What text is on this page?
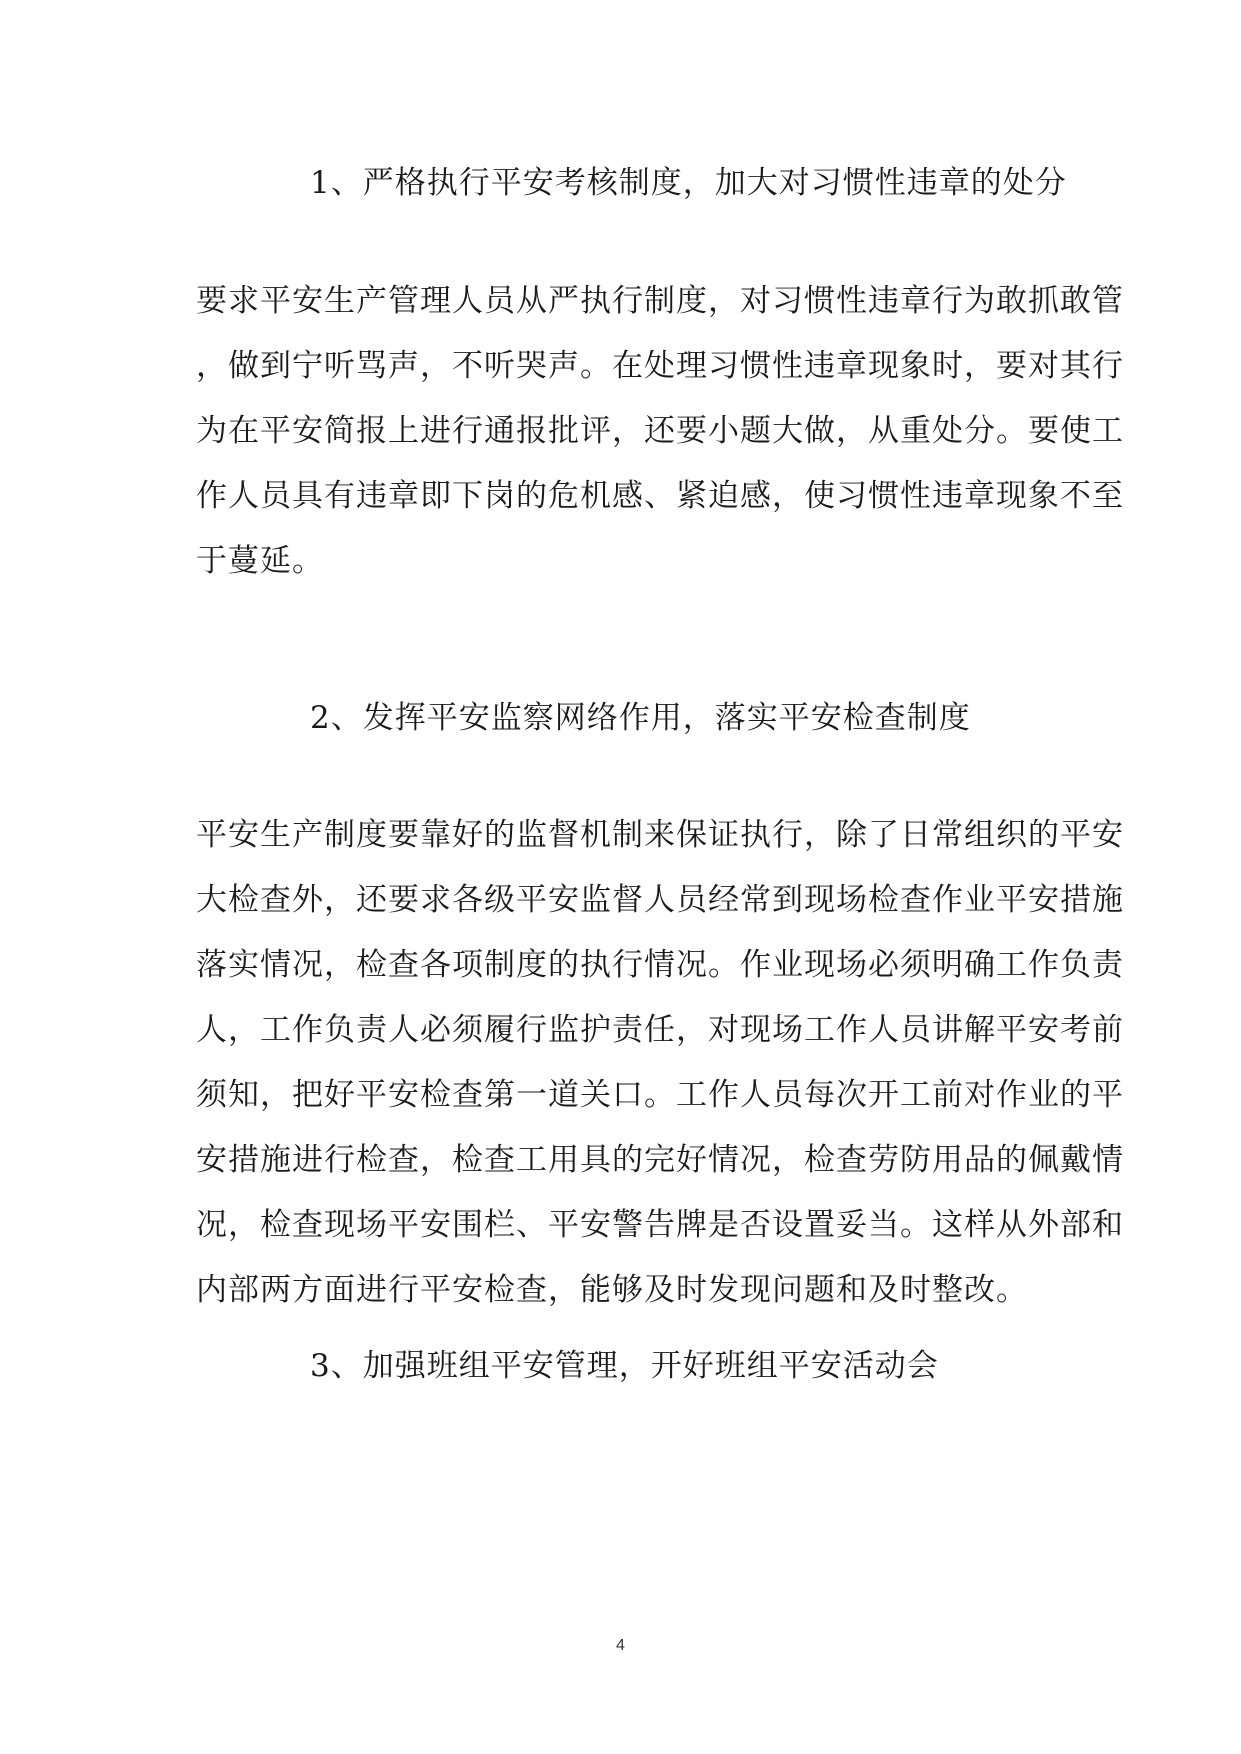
1、严格执行平安考核制度，加大对习惯性违章的处分
要求平安生产管理人员从严执行制度，对习惯性违章行为敢抓敢管
，做到宁听骂声，不听哭声。在处理习惯性违章现象时，要对其行
为在平安简报上进行通报批评，还要小题大做，从重处分。要使工
作人员具有违章即下岗的危机感、紧迫感，使习惯性违章现象不至
于蔓延。
2、发挥平安监察网络作用，落实平安检查制度
平安生产制度要靠好的监督机制来保证执行，除了日常组织的平安
大检查外，还要求各级平安监督人员经常到现场检查作业平安措施
落实情况，检查各项制度的执行情况。作业现场必须明确工作负责
人，工作负责人必须履行监护责任，对现场工作人员讲解平安考前
须知，把好平安检查第一道关口。工作人员每次开工前对作业的平
安措施进行检查，检查工用具的完好情况，检查劳防用品的佩戴情
况，检查现场平安围栏、平安警告牌是否设置妥当。这样从外部和
内部两方面进行平安检查，能够及时发现问题和及时整改。
3、加强班组平安管理，开好班组平安活动会
4
